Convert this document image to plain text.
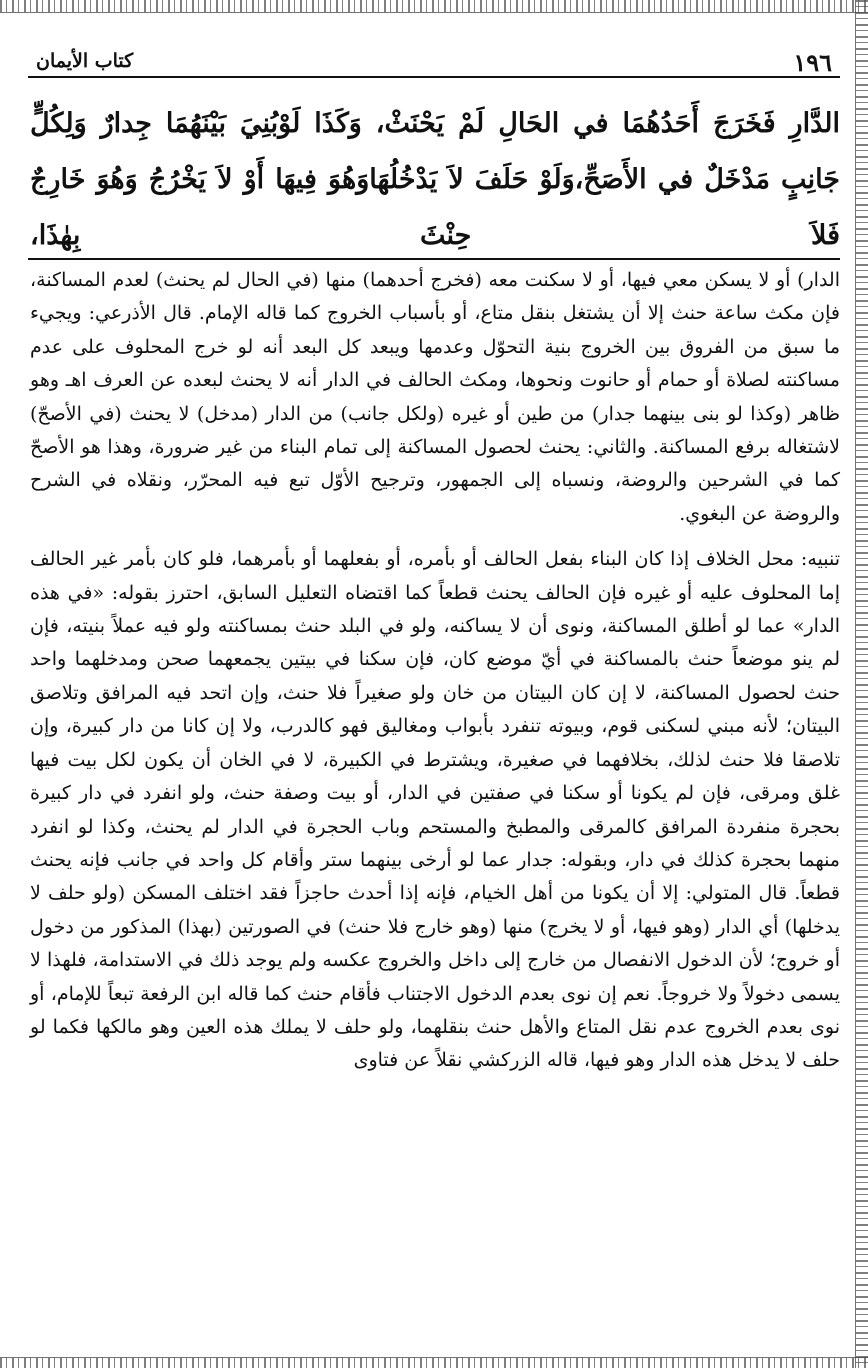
١٩٦
كتاب الأيمان

الدَّارِ فَخَرَجَ أَحَدُهُمَا في الحَالِ لَمْ يَحْنَثْ، وَكَذَا لَوْبُنِيَ بَيْنَهُمَا جِدارٌ وَلِكُلٍّ جَانِبٍ مَدْخَلٌ في الأَصَحِّ،وَلَوْ حَلَفَ لاَ يَدْخُلُهَاوَهُوَ فِيهَا أَوْ لاَ يَخْرُجُ وَهُوَ خَارِجٌ فَلاَ حِنْثَ بِهٰذَا،

الدار) أو لا يسكن معي فيها، أو لا سكنت معه (فخرج أحدهما) منها (في الحال لم يحنث) لعدم المساكنة، فإن مكث ساعة حنث إلا أن يشتغل بنقل متاع، أو بأسباب الخروج كما قاله الإمام. قال الأذرعي: ويجيء ما سبق من الفروق بين الخروج بنية التحوّل وعدمها ويبعد كل البعد أنه لو خرج المحلوف على عدم مساكنته لصلاة أو حمام أو حانوت ونحوها، ومكث الحالف في الدار أنه لا يحنث لبعده عن العرف اهـ وهو ظاهر (وكذا لو بنى بينهما جدار) من طين أو غيره (ولكل جانب) من الدار (مدخل) لا يحنث (في الأصحّ) لاشتغاله برفع المساكنة. والثاني: يحنث لحصول المساكنة إلى تمام البناء من غير ضرورة، وهذا هو الأصحّ كما في الشرحين والروضة، ونسباه إلى الجمهور، وترجيح الأوّل تبع فيه المحرّر، ونقلاه في الشرح والروضة عن البغوي.

تنبيه: محل الخلاف إذا كان البناء بفعل الحالف أو بأمره، أو بفعلهما أو بأمرهما، فلو كان بأمر غير الحالف إما المحلوف عليه أو غيره فإن الحالف يحنث قطعاً كما اقتضاه التعليل السابق، احترز بقوله: «في هذه الدار» عما لو أطلق المساكنة، ونوى أن لا يساكنه، ولو في البلد حنث بمساكنته ولو فيه عملاً بنيته، فإن لم ينو موضعاً حنث بالمساكنة في أيّ موضع كان، فإن سكنا في بيتين يجمعهما صحن ومدخلهما واحد حنث لحصول المساكنة، لا إن كان البيتان من خان ولو صغيراً فلا حنث، وإن اتحد فيه المرافق وتلاصق البيتان؛ لأنه مبني لسكنى قوم، وبيوته تنفرد بأبواب ومغاليق فهو كالدرب، ولا إن كانا من دار كبيرة، وإن تلاصقا فلا حنث لذلك، بخلافهما في صغيرة، ويشترط في الكبيرة، لا في الخان أن يكون لكل بيت فيها غلق ومرقى، فإن لم يكونا أو سكنا في صفتين في الدار، أو بيت وصفة حنث، ولو انفرد في دار كبيرة بحجرة منفردة المرافق كالمرقى والمطبخ والمستحم وباب الحجرة في الدار لم يحنث، وكذا لو انفرد منهما بحجرة كذلك في دار، وبقوله: جدار عما لو أرخى بينهما ستر وأقام كل واحد في جانب فإنه يحنث قطعاً. قال المتولي: إلا أن يكونا من أهل الخيام، فإنه إذا أحدث حاجزاً فقد اختلف المسكن (ولو حلف لا يدخلها) أي الدار (وهو فيها، أو لا يخرج) منها (وهو خارج فلا حنث) في الصورتين (بهذا) المذكور من دخول أو خروج؛ لأن الدخول الانفصال من خارج إلى داخل والخروج عكسه ولم يوجد ذلك في الاستدامة، فلهذا لا يسمى دخولاً ولا خروجاً. نعم إن نوى بعدم الدخول الاجتناب فأقام حنث كما قاله ابن الرفعة تبعاً للإمام، أو نوى بعدم الخروج عدم نقل المتاع والأهل حنث بنقلهما، ولو حلف لا يملك هذه العين وهو مالكها فكما لو حلف لا يدخل هذه الدار وهو فيها، قاله الزركشي نقلاً عن فتاوى
